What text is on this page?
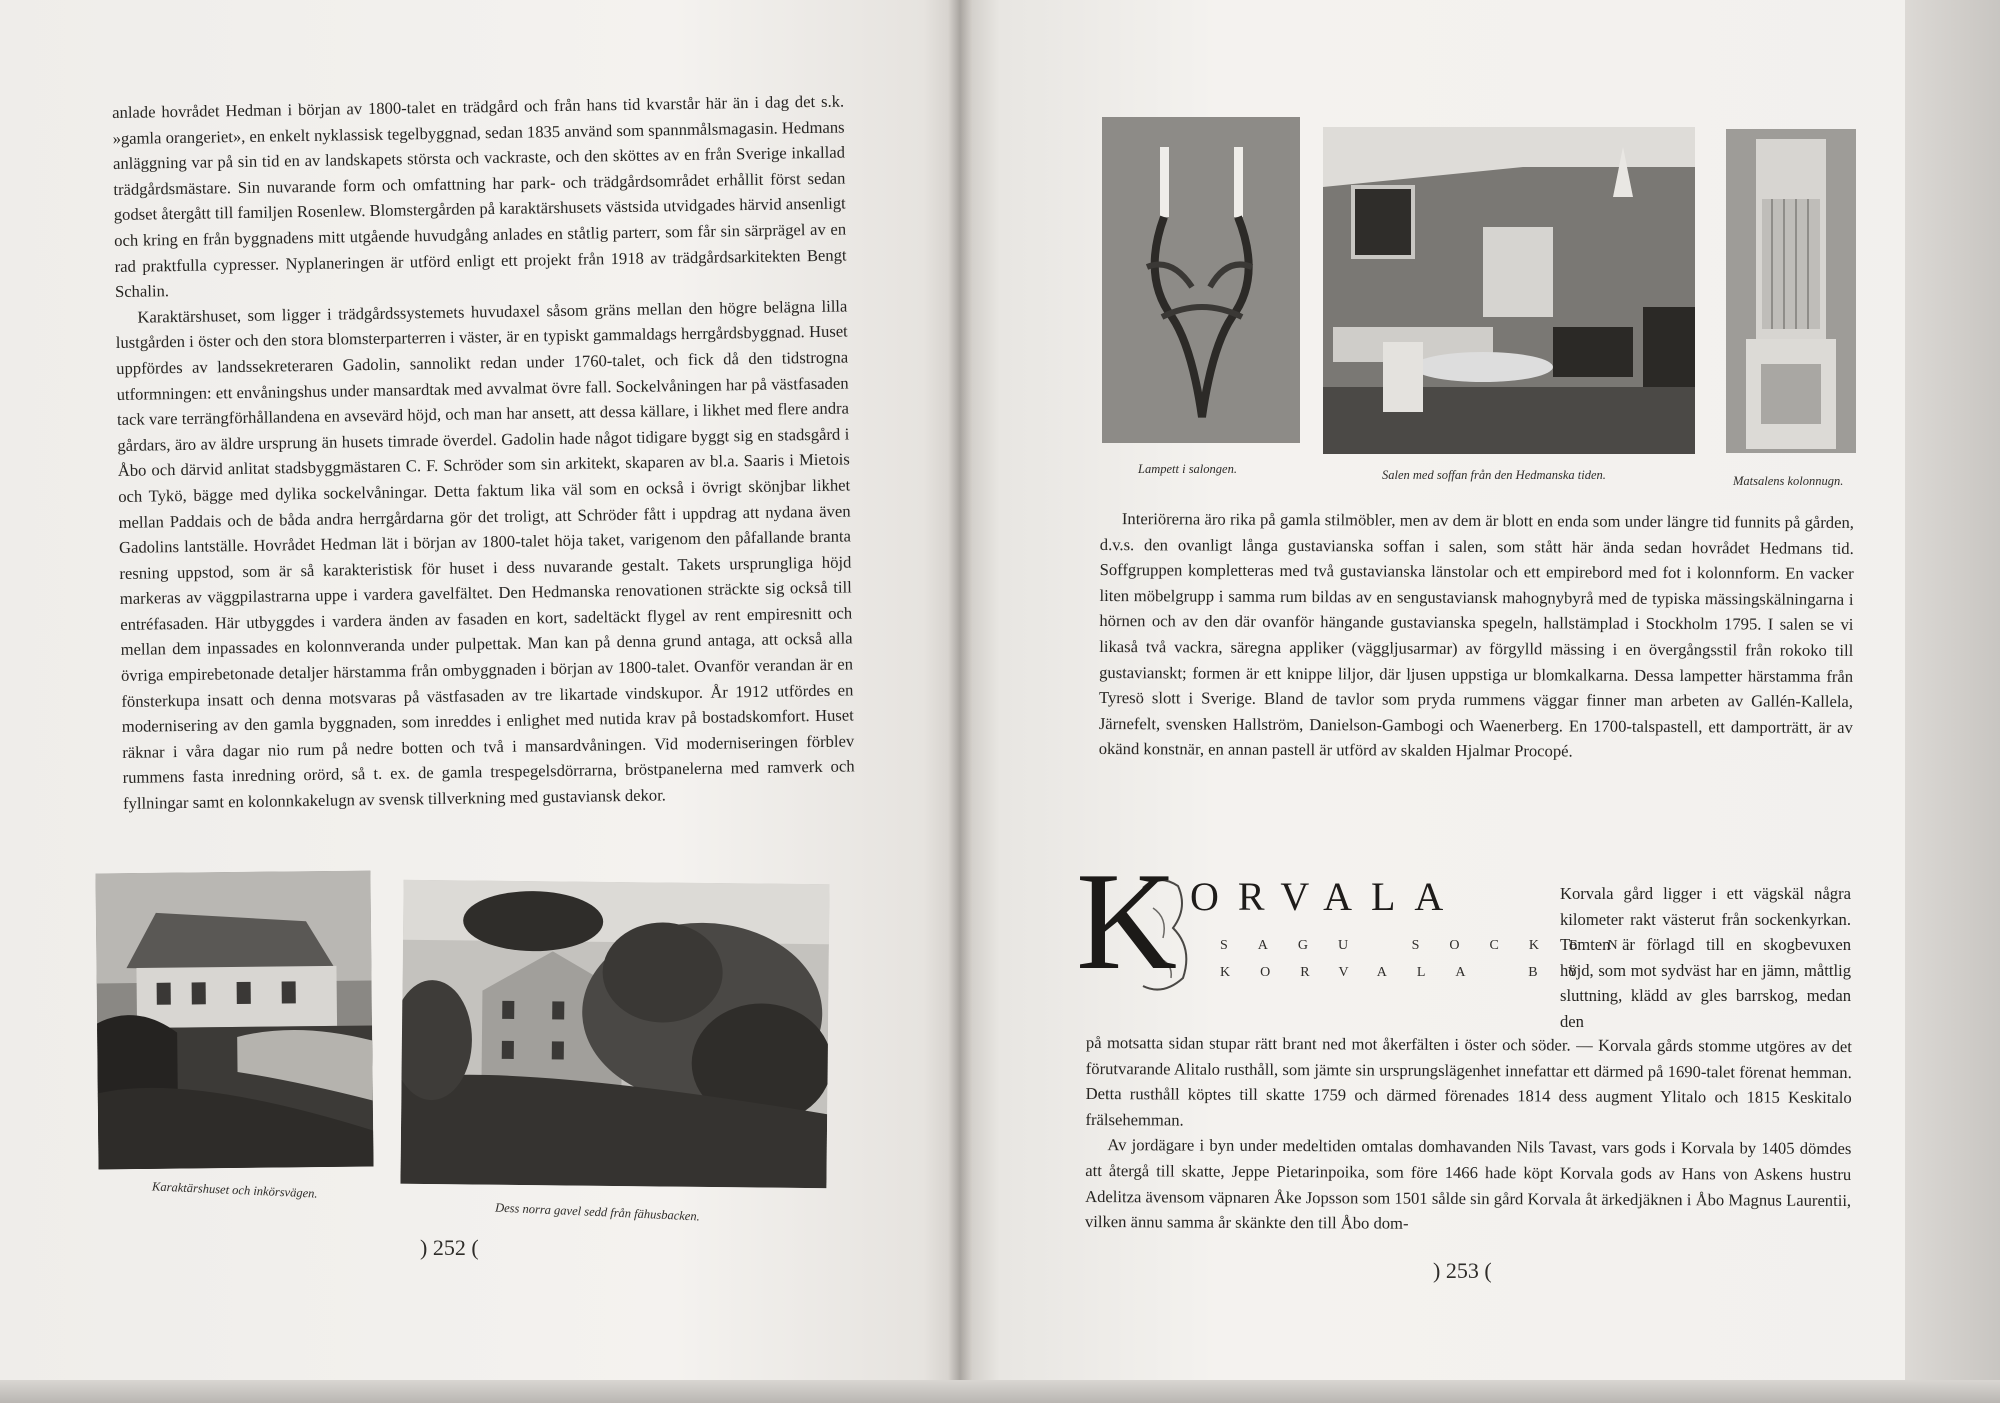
anlade hovrådet Hedman i början av 1800-talet en trädgård och från hans tid kvarstår här än i dag det s.k. »gamla orangeriet», en enkelt nyklassisk tegelbyggnad, sedan 1835 använd som spannmålsmagasin. Hedmans anläggning var på sin tid en av landskapets största och vackraste, och den sköttes av en från Sverige inkallad trädgårdsmästare. Sin nuvarande form och omfattning har park- och trädgårdsområdet erhållit först sedan godset återgått till familjen Rosenlew. Blomstergården på karaktärshusets västsida utvidgades härvid ansenligt och kring en från byggnadens mitt utgående huvudgång anlades en ståtlig parterr, som får sin särprägel av en rad praktfulla cypresser. Nyplaneringen är utförd enligt ett projekt från 1918 av trädgårdsarkitekten Bengt Schalin.

Karaktärshuset, som ligger i trädgårdssystemets huvudaxel såsom gräns mellan den högre belägna lilla lustgården i öster och den stora blomsterparterren i väster, är en typiskt gammaldags herrgårdsbyggnad. Huset uppfördes av landssekreteraren Gadolin, sannolikt redan under 1760-talet, och fick då den tidstrogna utformningen: ett envåningshus under mansardtak med avvalmat övre fall. Sockelvåningen har på västfasaden tack vare terrängförhållandena en avsevärd höjd, och man har ansett, att dessa källare, i likhet med flere andra gårdars, äro av äldre ursprung än husets timrade överdel. Gadolin hade något tidigare byggt sig en stadsgård i Åbo och därvid anlitat stadsbyggmästaren C. F. Schröder som sin arkitekt, skaparen av bl.a. Saaris i Mietois och Tykö, bägge med dylika sockelvåningar. Detta faktum lika väl som en också i övrigt skönjbar likhet mellan Paddais och de båda andra herrgårdarna gör det troligt, att Schröder fått i uppdrag att nydana även Gadolins lantställe. Hovrådet Hedman lät i början av 1800-talet höja taket, varigenom den påfallande branta resning uppstod, som är så karakteristisk för huset i dess nuvarande gestalt. Takets ursprungliga höjd markeras av väggpilastrarna uppe i vardera gavelfältet. Den Hedmanska renovationen sträckte sig också till entréfasaden. Här utbyggdes i vardera änden av fasaden en kort, sadeltäckt flygel av rent empiresnitt och mellan dem inpassades en kolonnveranda under pulpettak. Man kan på denna grund antaga, att också alla övriga empirebetonade detaljer härstamma från ombyggnaden i början av 1800-talet. Ovanför verandan är en fönsterkupa insatt och denna motsvaras på västfasaden av tre likartade vindskupor. År 1912 utfördes en modernisering av den gamla byggnaden, som inreddes i enlighet med nutida krav på bostadskomfort. Huset räknar i våra dagar nio rum på nedre botten och två i mansardvåningen. Vid moderniseringen förblev rummens fasta inredning orörd, så t. ex. de gamla trespegelsdörrarna, bröstpanelerna med ramverk och fyllningar samt en kolonnkakelugn av svensk tillverkning med gustaviansk dekor.

Karaktärshuset och inkörsvägen.
Dess norra gavel sedd från fähusbacken.
) 252 (
Lampett i salongen.	Salen med soffan från den Hedmanska tiden.	Matsalens kolonnugn.

Interiörerna äro rika på gamla stilmöbler, men av dem är blott en enda som under längre tid funnits på gården, d.v.s. den ovanligt långa gustavianska soffan i salen, som stått här ända sedan hovrådet Hedmans tid. Soffgruppen kompletteras med två gustavianska länstolar och ett empirebord med fot i kolonnform. En vacker liten möbelgrupp i samma rum bildas av en sengustaviansk mahognybyrå med de typiska mässingskälningarna i hörnen och av den där ovanför hängande gustavianska spegeln, hallstämplad i Stockholm 1795. I salen se vi likaså två vackra, säregna appliker (väggljusarmar) av förgylld mässing i en övergångsstil från rokoko till gustavianskt; formen är ett knippe liljor, där ljusen uppstiga ur blomkalkarna. Dessa lampetter härstamma från Tyresö slott i Sverige. Bland de tavlor som pryda rummens väggar finner man arbeten av Gallén-Kallela, Järnefelt, svensken Hallström, Danielson-Gambogi och Waenerberg. En 1700-talspastell, ett damporträtt, är av okänd konstnär, en annan pastell är utförd av skalden Hjalmar Procopé.

K ORVALA
SAGU SOCKEN
KORVALA BY

Korvala gård ligger i ett vägskäl några kilometer rakt västerut från sockenkyrkan. Tomten är förlagd till en skogbevuxen höjd, som mot sydväst har en jämn, måttlig sluttning, klädd av gles barrskog, medan den

på motsatta sidan stupar rätt brant ned mot åkerfälten i öster och söder. — Korvala gårds stomme utgöres av det förutvarande Alitalo rusthåll, som jämte sin ursprungslägenhet innefattar ett därmed på 1690-talet förenat hemman. Detta rusthåll köptes till skatte 1759 och därmed förenades 1814 dess augment Ylitalo och 1815 Keskitalo frälsehemman.

Av jordägare i byn under medeltiden omtalas domhavanden Nils Tavast, vars gods i Korvala by 1405 dömdes att återgå till skatte, Jeppe Pietarinpoika, som före 1466 hade köpt Korvala gods av Hans von Askens hustru Adelitza ävensom väpnaren Åke Jopsson som 1501 sålde sin gård Korvala åt ärkedjäknen i Åbo Magnus Laurentii, vilken ännu samma år skänkte den till Åbo dom-

) 253 (
